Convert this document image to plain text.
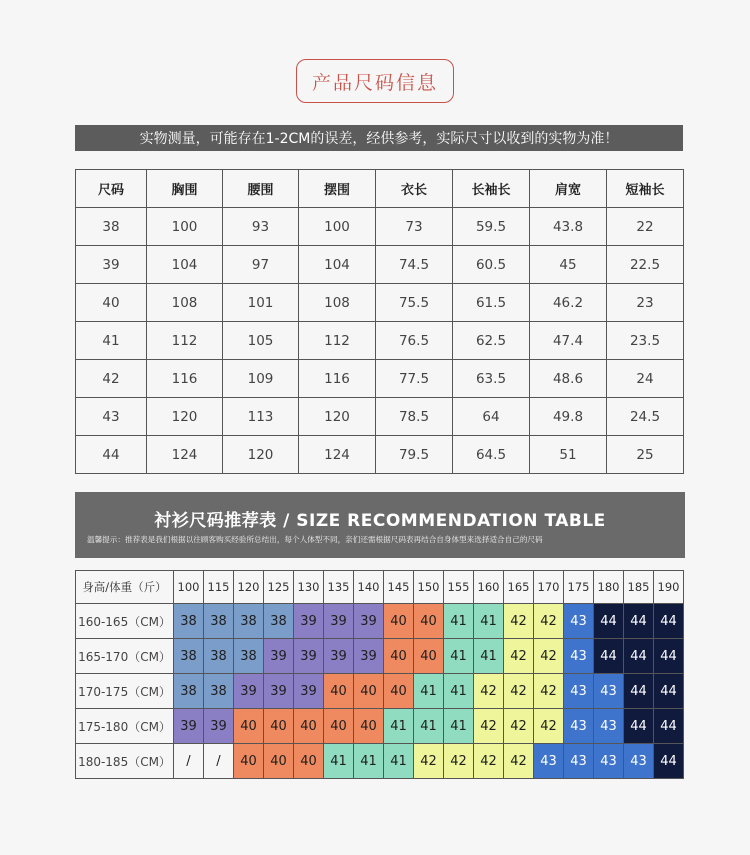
产品尺码信息
实物测量，可能存在1-2CM的误差，经供参考，实际尺寸以收到的实物为准！
尺码	胸围	腰围	摆围	衣长	长袖长	肩宽	短袖长
38	100	93	100	73	59.5	43.8	22
39	104	97	104	74.5	60.5	45	22.5
40	108	101	108	75.5	61.5	46.2	23
41	112	105	112	76.5	62.5	47.4	23.5
42	116	109	116	77.5	63.5	48.6	24
43	120	113	120	78.5	64	49.8	24.5
44	124	120	124	79.5	64.5	51	25
衬衫尺码推荐表 / SIZE RECOMMENDATION TABLE
温馨提示：推荐表是我们根据以往顾客购买经验所总结出，每个人体型不同，亲们还需根据尺码表再结合自身体型来选择适合自己的尺码
身高/体重（斤）	100	115	120	125	130	135	140	145	150	155	160	165	170	175	180	185	190
160-165（CM）	38	38	38	38	39	39	39	40	40	41	41	42	42	43	44	44	44
165-170（CM）	38	38	38	39	39	39	39	40	40	41	41	42	42	43	44	44	44
170-175（CM）	38	38	39	39	39	40	40	40	41	41	42	42	42	43	43	44	44
175-180（CM）	39	39	40	40	40	40	40	41	41	41	42	42	42	43	43	44	44
180-185（CM）	/	/	40	40	40	41	41	41	42	42	42	42	43	43	43	43	44
